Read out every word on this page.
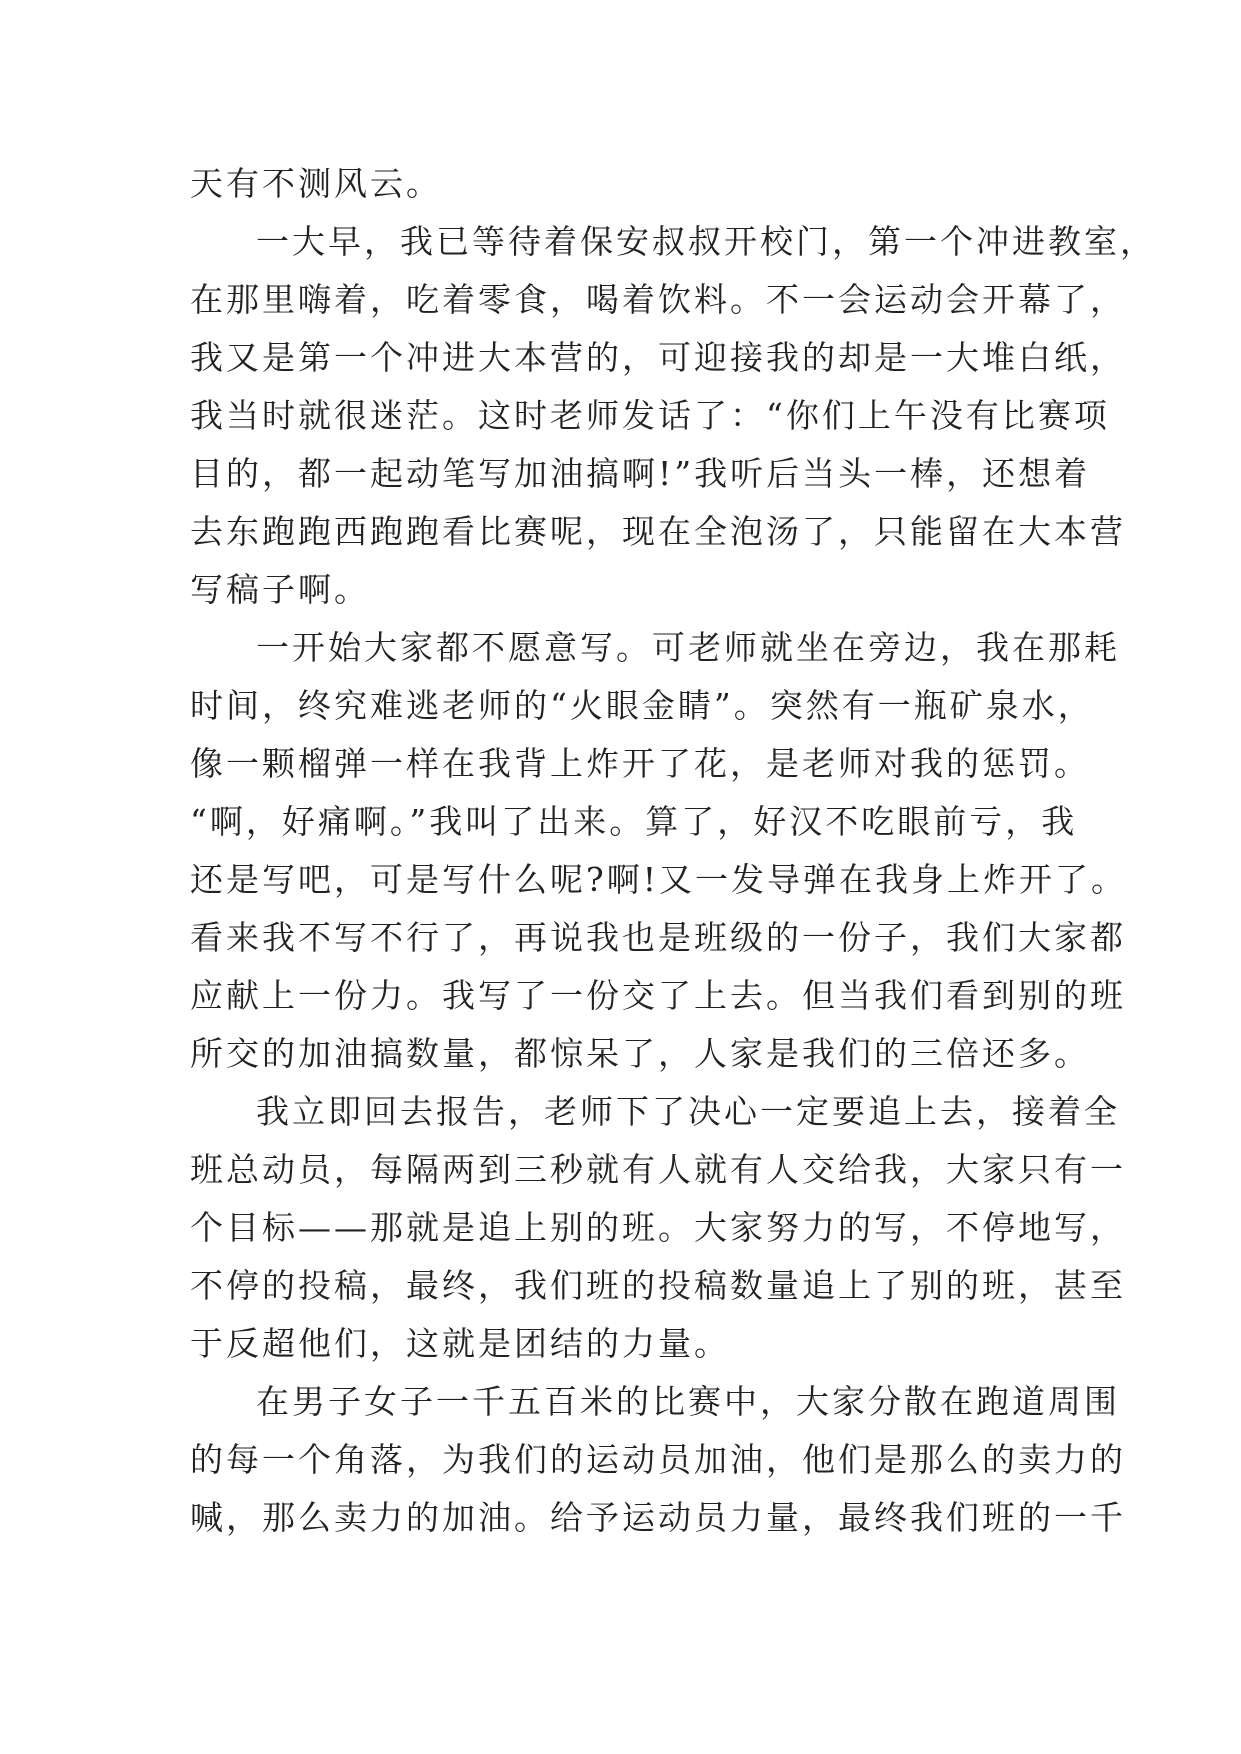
天有不测风云。
一大早，我已等待着保安叔叔开校门，第一个冲进教室，
在那里嗨着，吃着零食，喝着饮料。不一会运动会开幕了，
我又是第一个冲进大本营的，可迎接我的却是一大堆白纸，
我当时就很迷茫。这时老师发话了：“你们上午没有比赛项
目的，都一起动笔写加油搞啊!”我听后当头一棒，还想着
去东跑跑西跑跑看比赛呢，现在全泡汤了，只能留在大本营
写稿子啊。
一开始大家都不愿意写。可老师就坐在旁边，我在那耗
时间，终究难逃老师的“火眼金睛”。突然有一瓶矿泉水，
像一颗榴弹一样在我背上炸开了花，是老师对我的惩罚。
“啊，好痛啊。”我叫了出来。算了，好汉不吃眼前亏，我
还是写吧，可是写什么呢?啊!又一发导弹在我身上炸开了。
看来我不写不行了，再说我也是班级的一份子，我们大家都
应献上一份力。我写了一份交了上去。但当我们看到别的班
所交的加油搞数量，都惊呆了，人家是我们的三倍还多。
我立即回去报告，老师下了决心一定要追上去，接着全
班总动员，每隔两到三秒就有人就有人交给我，大家只有一
个目标——那就是追上别的班。大家努力的写，不停地写，
不停的投稿，最终，我们班的投稿数量追上了别的班，甚至
于反超他们，这就是团结的力量。
在男子女子一千五百米的比赛中，大家分散在跑道周围
的每一个角落，为我们的运动员加油，他们是那么的卖力的
喊，那么卖力的加油。给予运动员力量，最终我们班的一千
